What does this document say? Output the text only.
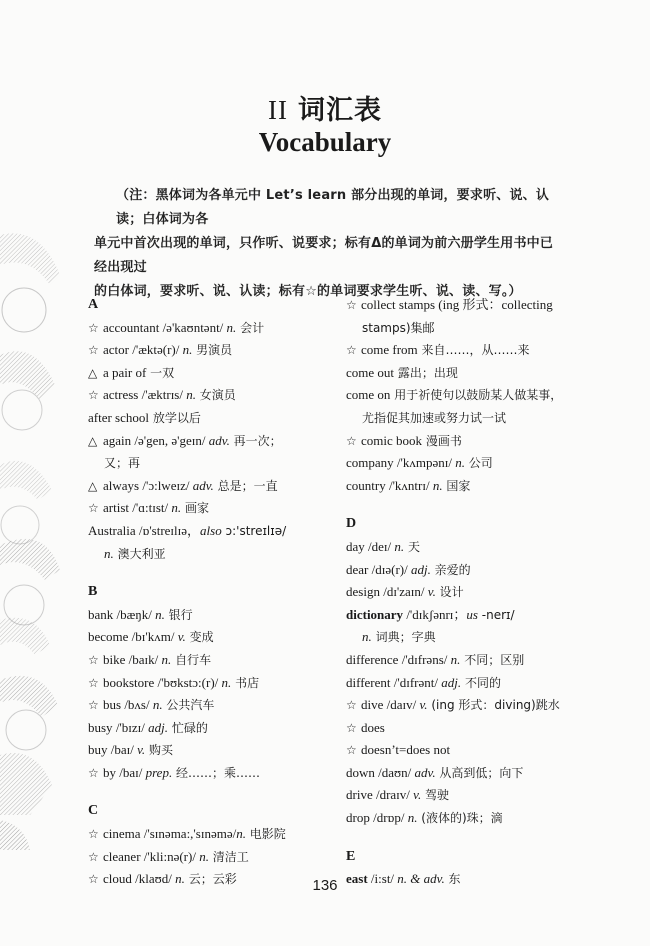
II 词汇表
Vocabulary
（注：黑体词为各单元中 Let’s learn 部分出现的单词，要求听、说、认读；白体词为各
单元中首次出现的单词，只作听、说要求；标有Δ的单词为前六册学生用书中已经出现过
的白体词，要求听、说、认读；标有☆的单词要求学生听、说、读、写。）
A
☆ accountant /ə'kaʊntənt/ n. 会计
☆ actor /'æktə(r)/ n. 男演员
△ a pair of 一双
☆ actress /'æktrɪs/ n. 女演员
after school 放学以后
△ again /ə'gen, ə'geɪn/ adv. 再一次；
又；再
△ always /'ɔ:lweɪz/ adv. 总是；一直
☆ artist /'ɑ:tɪst/ n. 画家
Australia /ɒ'streɪlɪə，also ɔ:'streɪlɪə/
n. 澳大利亚
B
bank /bæŋk/ n. 银行
become /bɪ'kʌm/ v. 变成
☆ bike /baɪk/ n. 自行车
☆ bookstore /'bʊkstɔ:(r)/ n. 书店
☆ bus /bʌs/ n. 公共汽车
busy /'bɪzɪ/ adj. 忙碌的
buy /baɪ/ v. 购买
☆ by /baɪ/ prep. 经……；乘……
C
☆ cinema /'sɪnəma:,'sɪnəmə/n. 电影院
☆ cleaner /'kli:nə(r)/ n. 清洁工
☆ cloud /klaʊd/ n. 云；云彩
☆ collect stamps (ing 形式：collecting
stamps)集邮
☆ come from 来自……，从……来
come out 露出；出现
come on 用于祈使句以鼓励某人做某事，
尤指促其加速或努力试一试
☆ comic book 漫画书
company /'kʌmpənɪ/ n. 公司
country /'kʌntrɪ/ n. 国家
D
day /deɪ/ n. 天
dear /dɪə(r)/ adj. 亲爱的
design /dɪ'zaɪn/ v. 设计
dictionary /'dɪkʃənrɪ；us -nerɪ/
n. 词典；字典
difference /'dɪfrəns/ n. 不同；区别
different /'dɪfrənt/ adj. 不同的
☆ dive /daɪv/ v. (ing 形式：diving)跳水
☆ does
☆ doesn’t=does not
down /daʊn/ adv. 从高到低；向下
drive /draɪv/ v. 驾驶
drop /drɒp/ n. (液体的)珠；滴
E
east /i:st/ n. & adv. 东
136
